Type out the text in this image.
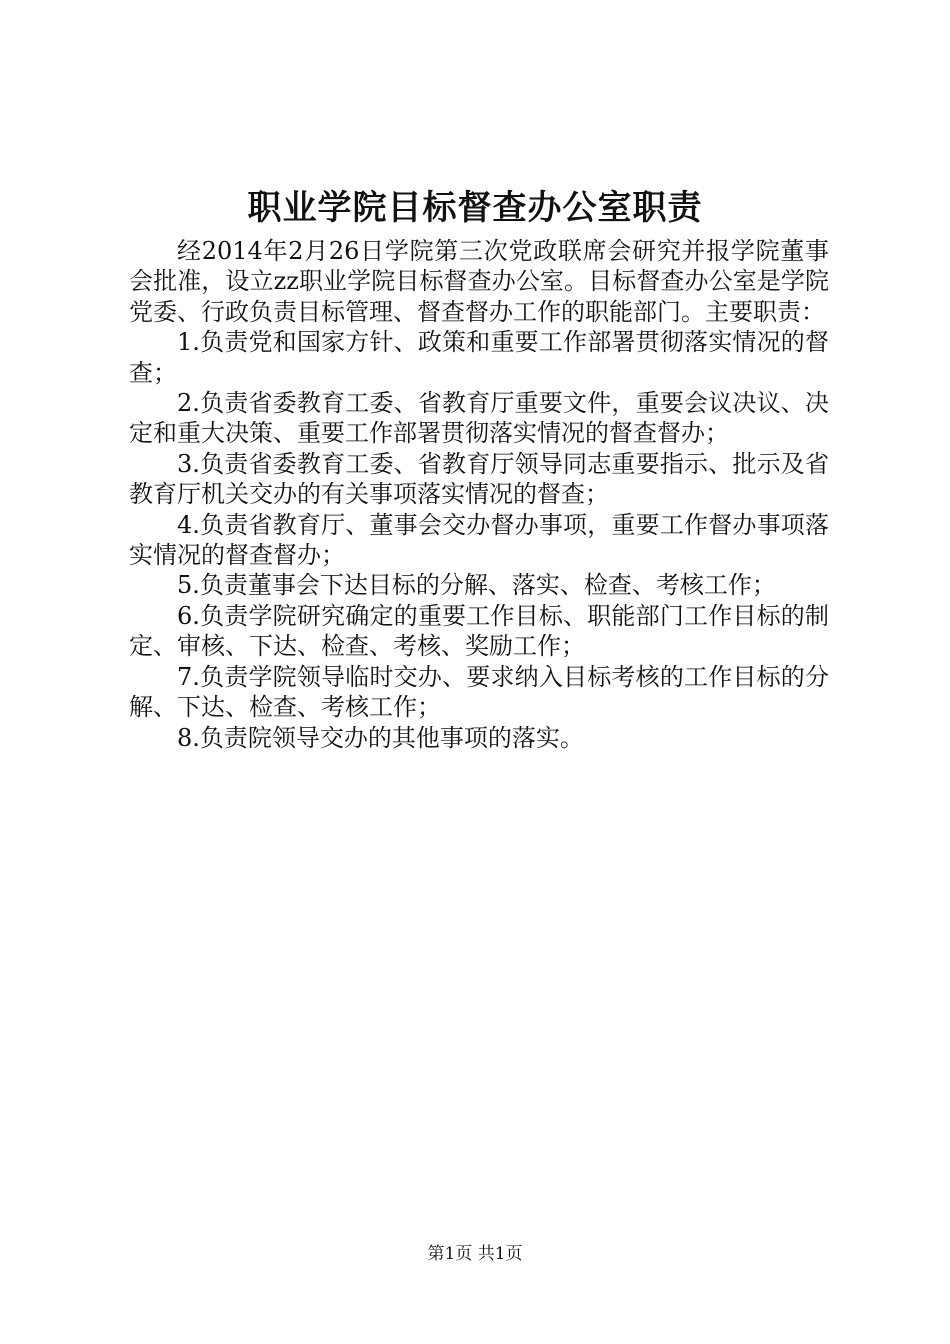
职业学院目标督查办公室职责

经2014年2月26日学院第三次党政联席会研究并报学院董事会批准，设立zz职业学院目标督查办公室。目标督查办公室是学院党委、行政负责目标管理、督查督办工作的职能部门。主要职责：

1.负责党和国家方针、政策和重要工作部署贯彻落实情况的督查；

2.负责省委教育工委、省教育厅重要文件，重要会议决议、决定和重大决策、重要工作部署贯彻落实情况的督查督办；

3.负责省委教育工委、省教育厅领导同志重要指示、批示及省教育厅机关交办的有关事项落实情况的督查；

4.负责省教育厅、董事会交办督办事项，重要工作督办事项落实情况的督查督办；

5.负责董事会下达目标的分解、落实、检查、考核工作；

6.负责学院研究确定的重要工作目标、职能部门工作目标的制定、审核、下达、检查、考核、奖励工作；

7.负责学院领导临时交办、要求纳入目标考核的工作目标的分解、下达、检查、考核工作；

8.负责院领导交办的其他事项的落实。

第1页 共1页
